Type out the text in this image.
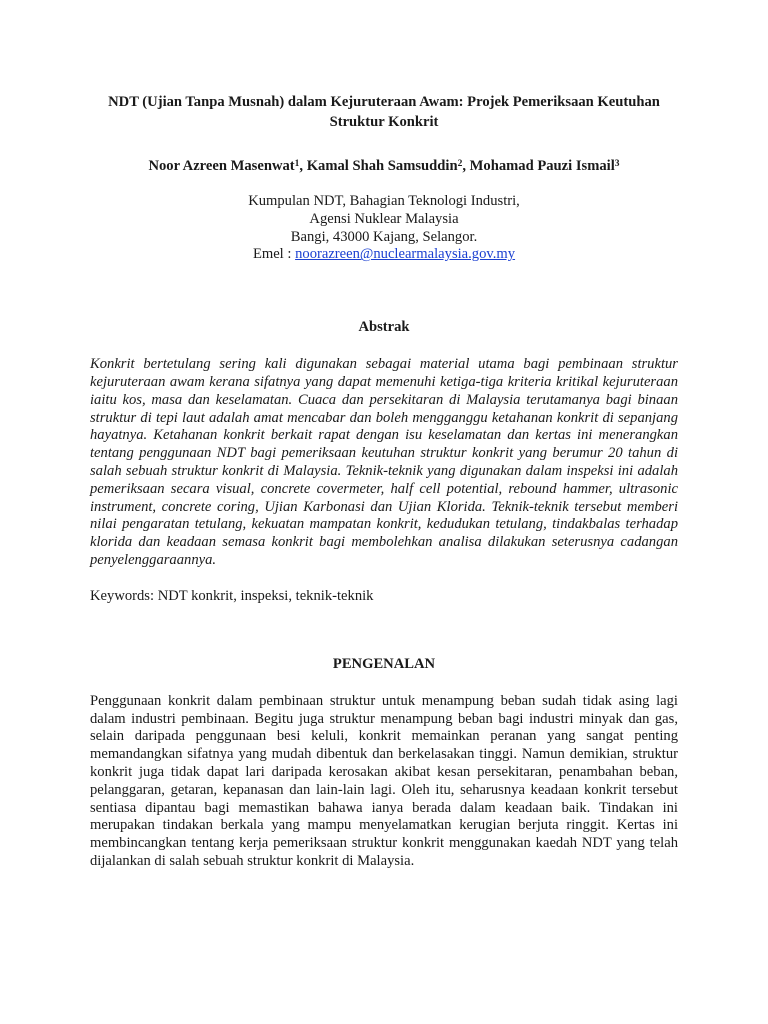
NDT (Ujian Tanpa Musnah) dalam Kejuruteraan Awam: Projek Pemeriksaan Keutuhan Struktur Konkrit
Noor Azreen Masenwat$^1$, Kamal Shah Samsuddin$^2$, Mohamad Pauzi Ismail$^3$
Kumpulan NDT, Bahagian Teknologi Industri,
Agensi Nuklear Malaysia
Bangi, 43000 Kajang, Selangor.
Emel : noorazreen@nuclearmalaysia.gov.my
Abstrak

Konkrit bertetulang sering kali digunakan sebagai material utama bagi pembinaan struktur kejuruteraan awam kerana sifatnya yang dapat memenuhi ketiga-tiga kriteria kritikal kejuruteraan iaitu kos, masa dan keselamatan. Cuaca dan persekitaran di Malaysia terutamanya bagi binaan struktur di tepi laut adalah amat mencabar dan boleh mengganggu ketahanan konkrit di sepanjang hayatnya. Ketahanan konkrit berkait rapat dengan isu keselamatan dan kertas ini menerangkan tentang penggunaan NDT bagi pemeriksaan keutuhan struktur konkrit yang berumur 20 tahun di salah sebuah struktur konkrit di Malaysia. Teknik-teknik yang digunakan dalam inspeksi ini adalah pemeriksaan secara visual, concrete covermeter, half cell potential, rebound hammer, ultrasonic instrument, concrete coring, Ujian Karbonasi dan Ujian Klorida. Teknik-teknik tersebut memberi nilai pengaratan tetulang, kekuatan mampatan konkrit, kedudukan tetulang, tindakbalas terhadap klorida dan keadaan semasa konkrit bagi membolehkan analisa dilakukan seterusnya cadangan penyelenggaraannya.

Keywords: NDT konkrit, inspeksi, teknik-teknik

PENGENALAN

Penggunaan konkrit dalam pembinaan struktur untuk menampung beban sudah tidak asing lagi dalam industri pembinaan. Begitu juga struktur menampung beban bagi industri minyak dan gas, selain daripada penggunaan besi keluli, konkrit memainkan peranan yang sangat penting memandangkan sifatnya yang mudah dibentuk dan berkelasakan tinggi. Namun demikian, struktur konkrit juga tidak dapat lari daripada kerosakan akibat kesan persekitaran, penambahan beban, pelanggaran, getaran, kepanasan dan lain-lain lagi. Oleh itu, seharusnya keadaan konkrit tersebut sentiasa dipantau bagi memastikan bahawa ianya berada dalam keadaan baik. Tindakan ini merupakan tindakan berkala yang mampu menyelamatkan kerugian berjuta ringgit. Kertas ini membincangkan tentang kerja pemeriksaan struktur konkrit menggunakan kaedah NDT yang telah dijalankan di salah sebuah struktur konkrit di Malaysia.
